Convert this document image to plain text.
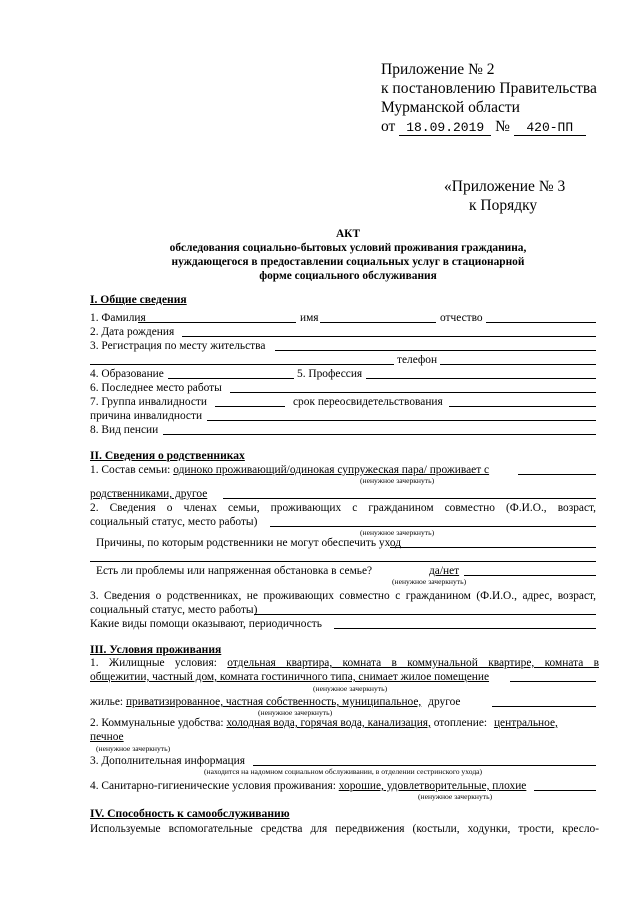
Приложение № 2
к постановлению Правительства
Мурманской области
от 18.09.2019 № 420-ПП
«Приложение № 3
к Порядку
АКТ
обследования социально-бытовых условий проживания гражданина,
нуждающегося в предоставлении социальных услуг в стационарной
форме социального обслуживания
I. Общие сведения
1. Фамилия	имя	отчество
2. Дата рождения
3. Регистрация по месту жительства
телефон
4. Образование	5. Профессия
6. Последнее место работы
7. Группа инвалидности	срок переосвидетельствования
причина инвалидности
8. Вид пенсии
II. Сведения о родственниках
1. Состав семьи: одиноко проживающий/одинокая супружеская пара/ проживает с
(ненужное зачеркнуть)
родственниками, другое
2. Сведения о членах семьи, проживающих с гражданином совместно (Ф.И.О., возраст,
социальный статус, место работы)
(ненужное зачеркнуть)
Причины, по которым родственники не могут обеспечить уход
Есть ли проблемы или напряженная обстановка в семье?	да/нет
(ненужное зачеркнуть)
3. Сведения о родственниках, не проживающих совместно с гражданином (Ф.И.О., адрес, возраст,
социальный статус, место работы)
Какие виды помощи оказывают, периодичность
III. Условия проживания
1. Жилищные условия: отдельная квартира, комната в коммунальной квартире, комната в
общежитии, частный дом, комната гостиничного типа, снимает жилое помещение
(ненужное зачеркнуть)
жилье: приватизированное, частная собственность, муниципальное, другое
(ненужное зачеркнуть)
2. Коммунальные удобства: холодная вода, горячая вода, канализация, отопление: центральное,
печное
(ненужное зачеркнуть)
3. Дополнительная информация
(находится на надомном социальном обслуживании, в отделении сестринского ухода)
4. Санитарно-гигиенические условия проживания: хорошие, удовлетворительные, плохие
(ненужное зачеркнуть)
IV. Способность к самообслуживанию
Используемые вспомогательные средства для передвижения (костыли, ходунки, трости, кресло-
